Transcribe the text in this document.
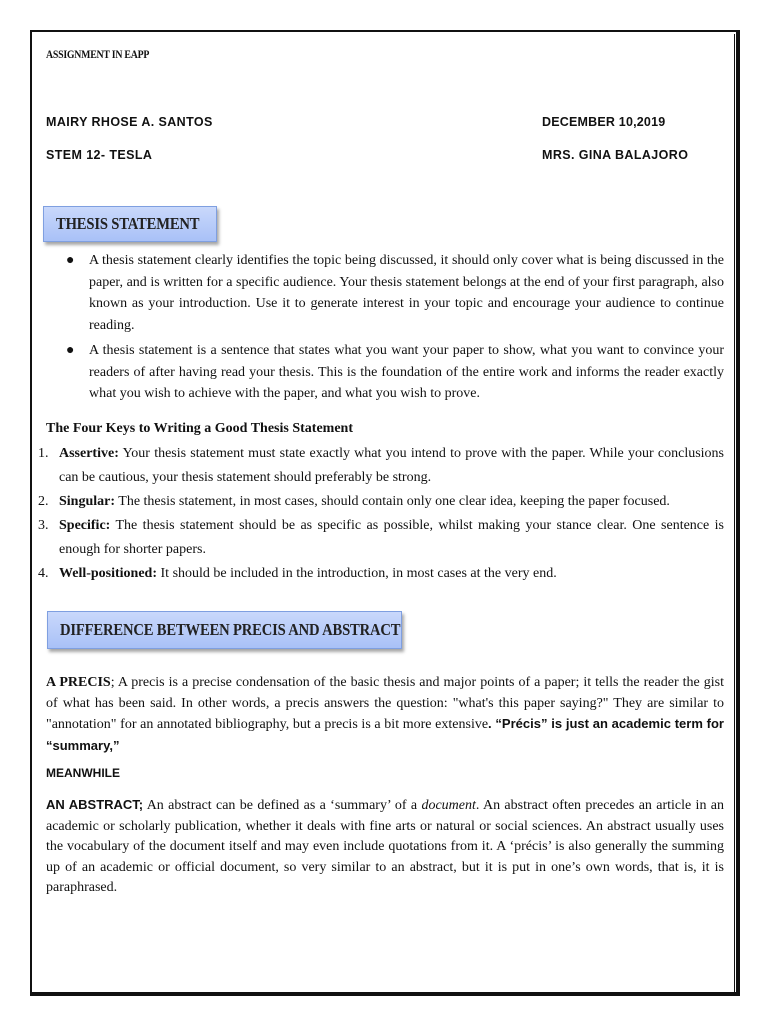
ASSIGNMENT IN EAPP
MAIRY RHOSE A. SANTOS	DECEMBER 10,2019
STEM 12- TESLA	MRS. GINA BALAJORO
THESIS STATEMENT
● A thesis statement clearly identifies the topic being discussed, it should only cover what is being discussed in the paper, and is written for a specific audience. Your thesis statement belongs at the end of your first paragraph, also known as your introduction. Use it to generate interest in your topic and encourage your audience to continue reading.
● A thesis statement is a sentence that states what you want your paper to show, what you want to convince your readers of after having read your thesis. This is the foundation of the entire work and informs the reader exactly what you wish to achieve with the paper, and what you wish to prove.
The Four Keys to Writing a Good Thesis Statement
1. Assertive: Your thesis statement must state exactly what you intend to prove with the paper. While your conclusions can be cautious, your thesis statement should preferably be strong.
2. Singular: The thesis statement, in most cases, should contain only one clear idea, keeping the paper focused.
3. Specific: The thesis statement should be as specific as possible, whilst making your stance clear. One sentence is enough for shorter papers.
4. Well-positioned: It should be included in the introduction, in most cases at the very end.
DIFFERENCE BETWEEN PRECIS AND ABSTRACT

A PRECIS; A precis is a precise condensation of the basic thesis and major points of a paper; it tells the reader the gist of what has been said. In other words, a precis answers the question: "what's this paper saying?" They are similar to "annotation" for an annotated bibliography, but a precis is a bit more extensive. “Précis” is just an academic term for “summary,”

MEANWHILE

AN ABSTRACT; An abstract can be defined as a ‘summary’ of a document. An abstract often precedes an article in an academic or scholarly publication, whether it deals with fine arts or natural or social sciences. An abstract usually uses the vocabulary of the document itself and may even include quotations from it. A ‘précis’ is also generally the summing up of an academic or official document, so very similar to an abstract, but it is put in one’s own words, that is, it is paraphrased.
